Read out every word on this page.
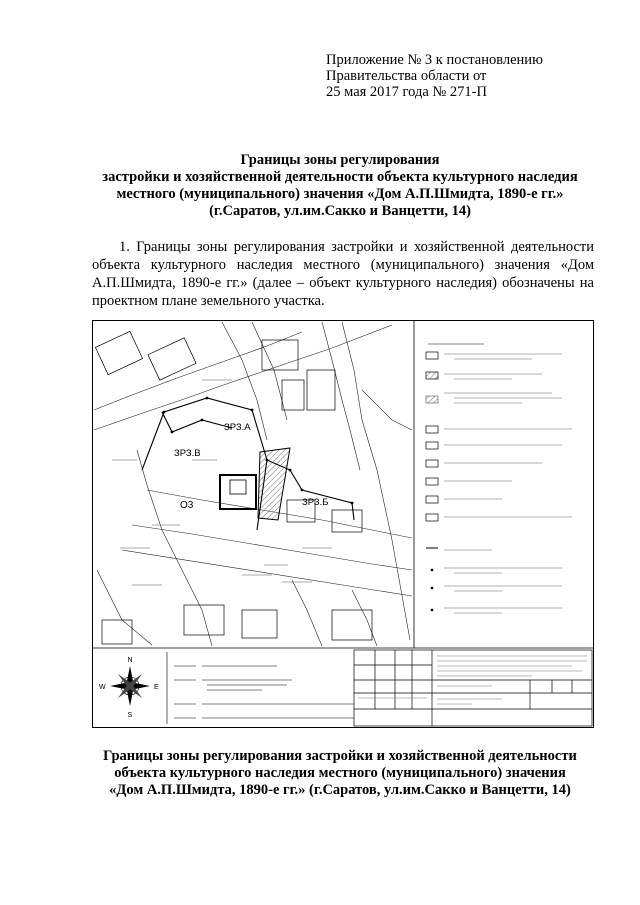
Приложение № 3 к постановлению
Правительства области от
25 мая 2017 года № 271-П
Границы зоны регулирования
застройки и хозяйственной деятельности объекта культурного наследия
местного (муниципального) значения «Дом А.П.Шмидта, 1890-е гг.»
(г.Саратов, ул.им.Сакко и Ванцетти, 14)
1. Границы зоны регулирования застройки и хозяйственной деятельности объекта культурного наследия местного (муниципального) значения «Дом А.П.Шмидта, 1890-е гг.» (далее – объект культурного наследия) обозначены на проектном плане земельного участка.
ЗРЗ.А
ЗРЗ.В
ЗРЗ.Б
О3
N
S
W	E
Границы зоны регулирования застройки и хозяйственной деятельности
объекта культурного наследия местного (муниципального) значения
«Дом А.П.Шмидта, 1890-е гг.» (г.Саратов, ул.им.Сакко и Ванцетти, 14)
